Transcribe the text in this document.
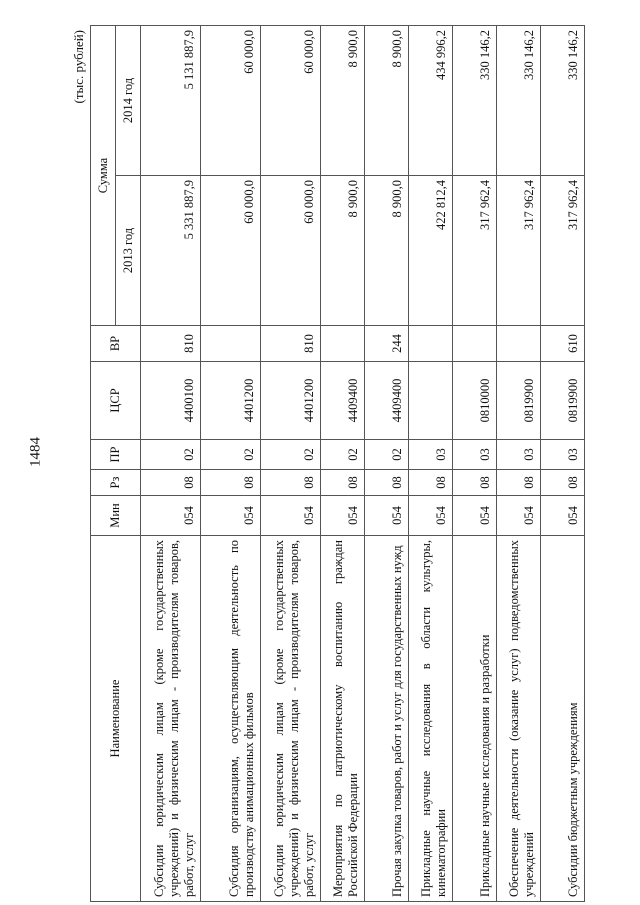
1484
(тыс. рублей)
Наименование	Мин	Рз	ПР	ЦСР	ВР	Сумма	
						2013 год	2014 год
Субсидии юридическим лицам (кроме государственных учреждений) и физическим лицам - производителям товаров, работ, услуг	054	08	02	4400100	810	5 331 887,9	5 131 887,9
Субсидия организациям, осуществляющим деятельность по производству анимационных фильмов	054	08	02	4401200		60 000,0	60 000,0
Субсидии юридическим лицам (кроме государственных учреждений) и физическим лицам - производителям товаров, работ, услуг	054	08	02	4401200	810	60 000,0	60 000,0
Мероприятия по патриотическому воспитанию граждан Российской Федерации	054	08	02	4409400		8 900,0	8 900,0
Прочая закупка товаров, работ и услуг для государственных нужд	054	08	02	4409400	244	8 900,0	8 900,0
Прикладные научные исследования в области культуры, кинематографии	054	08	03			422 812,4	434 996,2
Прикладные научные исследования и разработки	054	08	03	0810000		317 962,4	330 146,2
Обеспечение деятельности (оказание услуг) подведомственных учреждений	054	08	03	0819900		317 962,4	330 146,2
Субсидии бюджетным учреждениям	054	08	03	0819900	610	317 962,4	330 146,2
